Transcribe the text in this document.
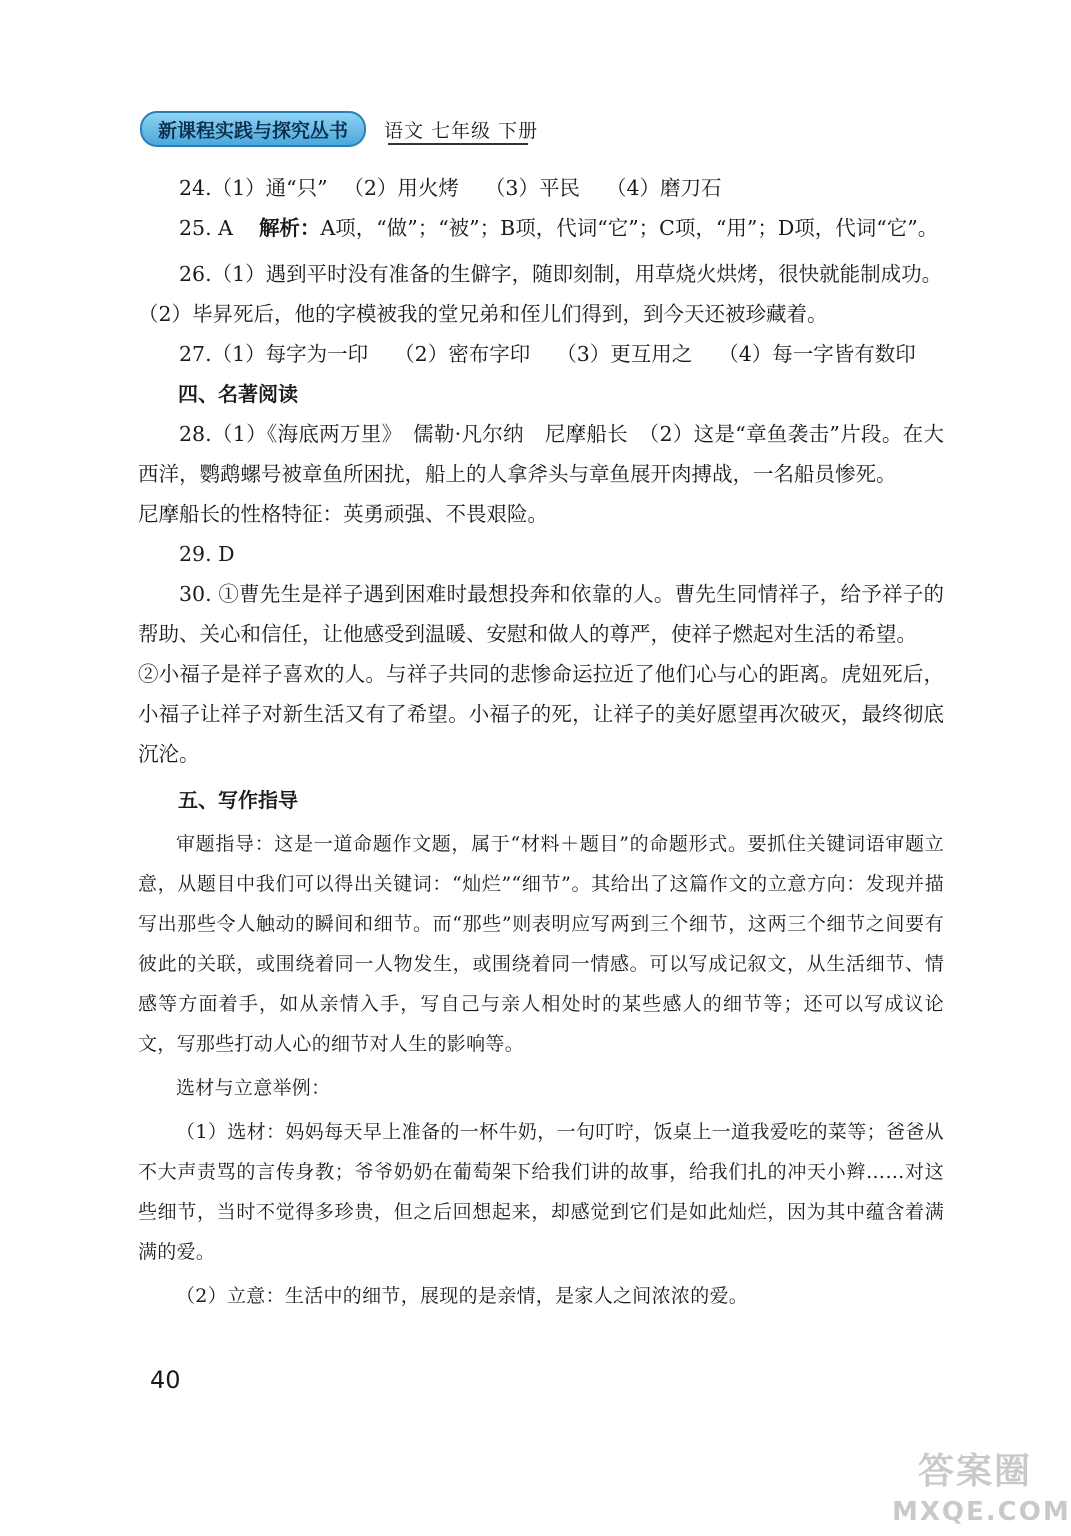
新课程实践与探究丛书	语文 七年级 下册

24.（1）通“只” （2）用火烤 （3）平民 （4）磨刀石

25. A 解析：A项，“做”；“被”；B项，代词“它”；C项，“用”；D项，代词“它”。

26.（1）遇到平时没有准备的生僻字，随即刻制，用草烧火烘烤，很快就能制成功。

（2）毕昇死后，他的字模被我的堂兄弟和侄儿们得到，到今天还被珍藏着。

27.（1）每字为一印 （2）密布字印 （3）更互用之 （4）每一字皆有数印

四、名著阅读

28.（1）《海底两万里》　儒勒·凡尔纳　尼摩船长　（2）这是“章鱼袭击”片段。在大西洋，鹦鹉螺号被章鱼所困扰，船上的人拿斧头与章鱼展开肉搏战，一名船员惨死。

尼摩船长的性格特征：英勇顽强、不畏艰险。

29. D

30. ①曹先生是祥子遇到困难时最想投奔和依靠的人。曹先生同情祥子，给予祥子的帮助、关心和信任，让他感受到温暖、安慰和做人的尊严，使祥子燃起对生活的希望。

②小福子是祥子喜欢的人。与祥子共同的悲惨命运拉近了他们心与心的距离。虎妞死后，小福子让祥子对新生活又有了希望。小福子的死，让祥子的美好愿望再次破灭，最终彻底沉沦。

五、写作指导

审题指导：这是一道命题作文题，属于“材料＋题目”的命题形式。要抓住关键词语审题立意，从题目中我们可以得出关键词：“灿烂”“细节”。其给出了这篇作文的立意方向：发现并描写出那些令人触动的瞬间和细节。而“那些”则表明应写两到三个细节，这两三个细节之间要有彼此的关联，或围绕着同一人物发生，或围绕着同一情感。可以写成记叙文，从生活细节、情感等方面着手，如从亲情入手，写自己与亲人相处时的某些感人的细节等；还可以写成议论文，写那些打动人心的细节对人生的影响等。

选材与立意举例：

（1）选材：妈妈每天早上准备的一杯牛奶，一句叮咛，饭桌上一道我爱吃的菜等；爸爸从不大声责骂的言传身教；爷爷奶奶在葡萄架下给我们讲的故事，给我们扎的冲天小辫……对这些细节，当时不觉得多珍贵，但之后回想起来，却感觉到它们是如此灿烂，因为其中蕴含着满满的爱。

（2）立意：生活中的细节，展现的是亲情，是家人之间浓浓的爱。

40
答案圈
MXQE.COM
